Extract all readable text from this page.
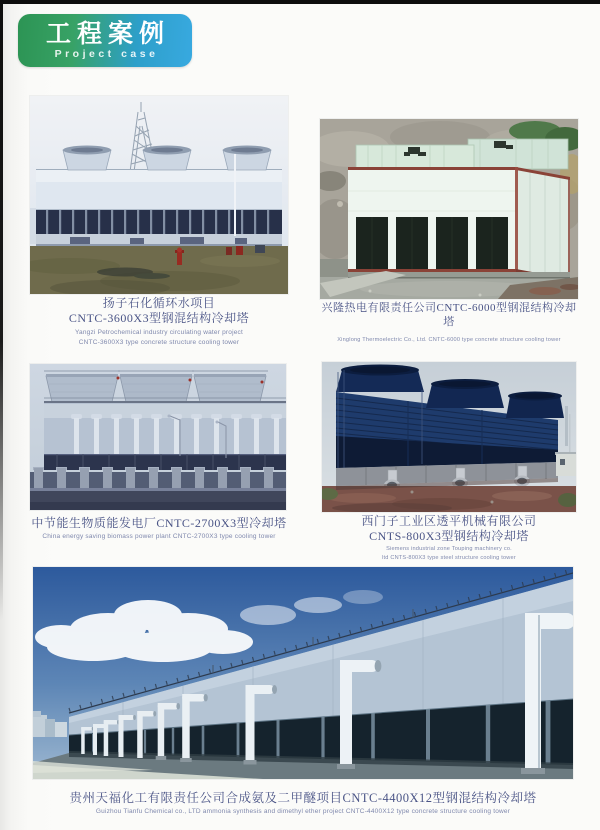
工程案例
Project case
扬子石化循环水项目
CNTC-3600X3型钢混结构冷却塔
Yangzi Petrochemical industry circulating water project
CNTC-3600X3 type concrete structure cooling tower
兴隆热电有限责任公司CNTC-6000型钢混结构冷却塔
Xinglong Thermoelectric Co., Ltd. CNTC-6000 type concrete structure cooling tower
中节能生物质能发电厂CNTC-2700X3型冷却塔
China energy saving biomass power plant CNTC-2700X3 type cooling tower
西门子工业区透平机械有限公司
CNTS-800X3型钢结构冷却塔
Siemens industrial zone Touping machinery co.
ltd CNTS-800X3 type steel structure cooling tower
贵州天福化工有限责任公司合成氨及二甲醚项目CNTC-4400X12型钢混结构冷却塔
Guizhou Tianfu Chemical co., LTD ammonia synthesis and dimethyl ether project CNTC-4400X12 type concrete structure cooling tower
